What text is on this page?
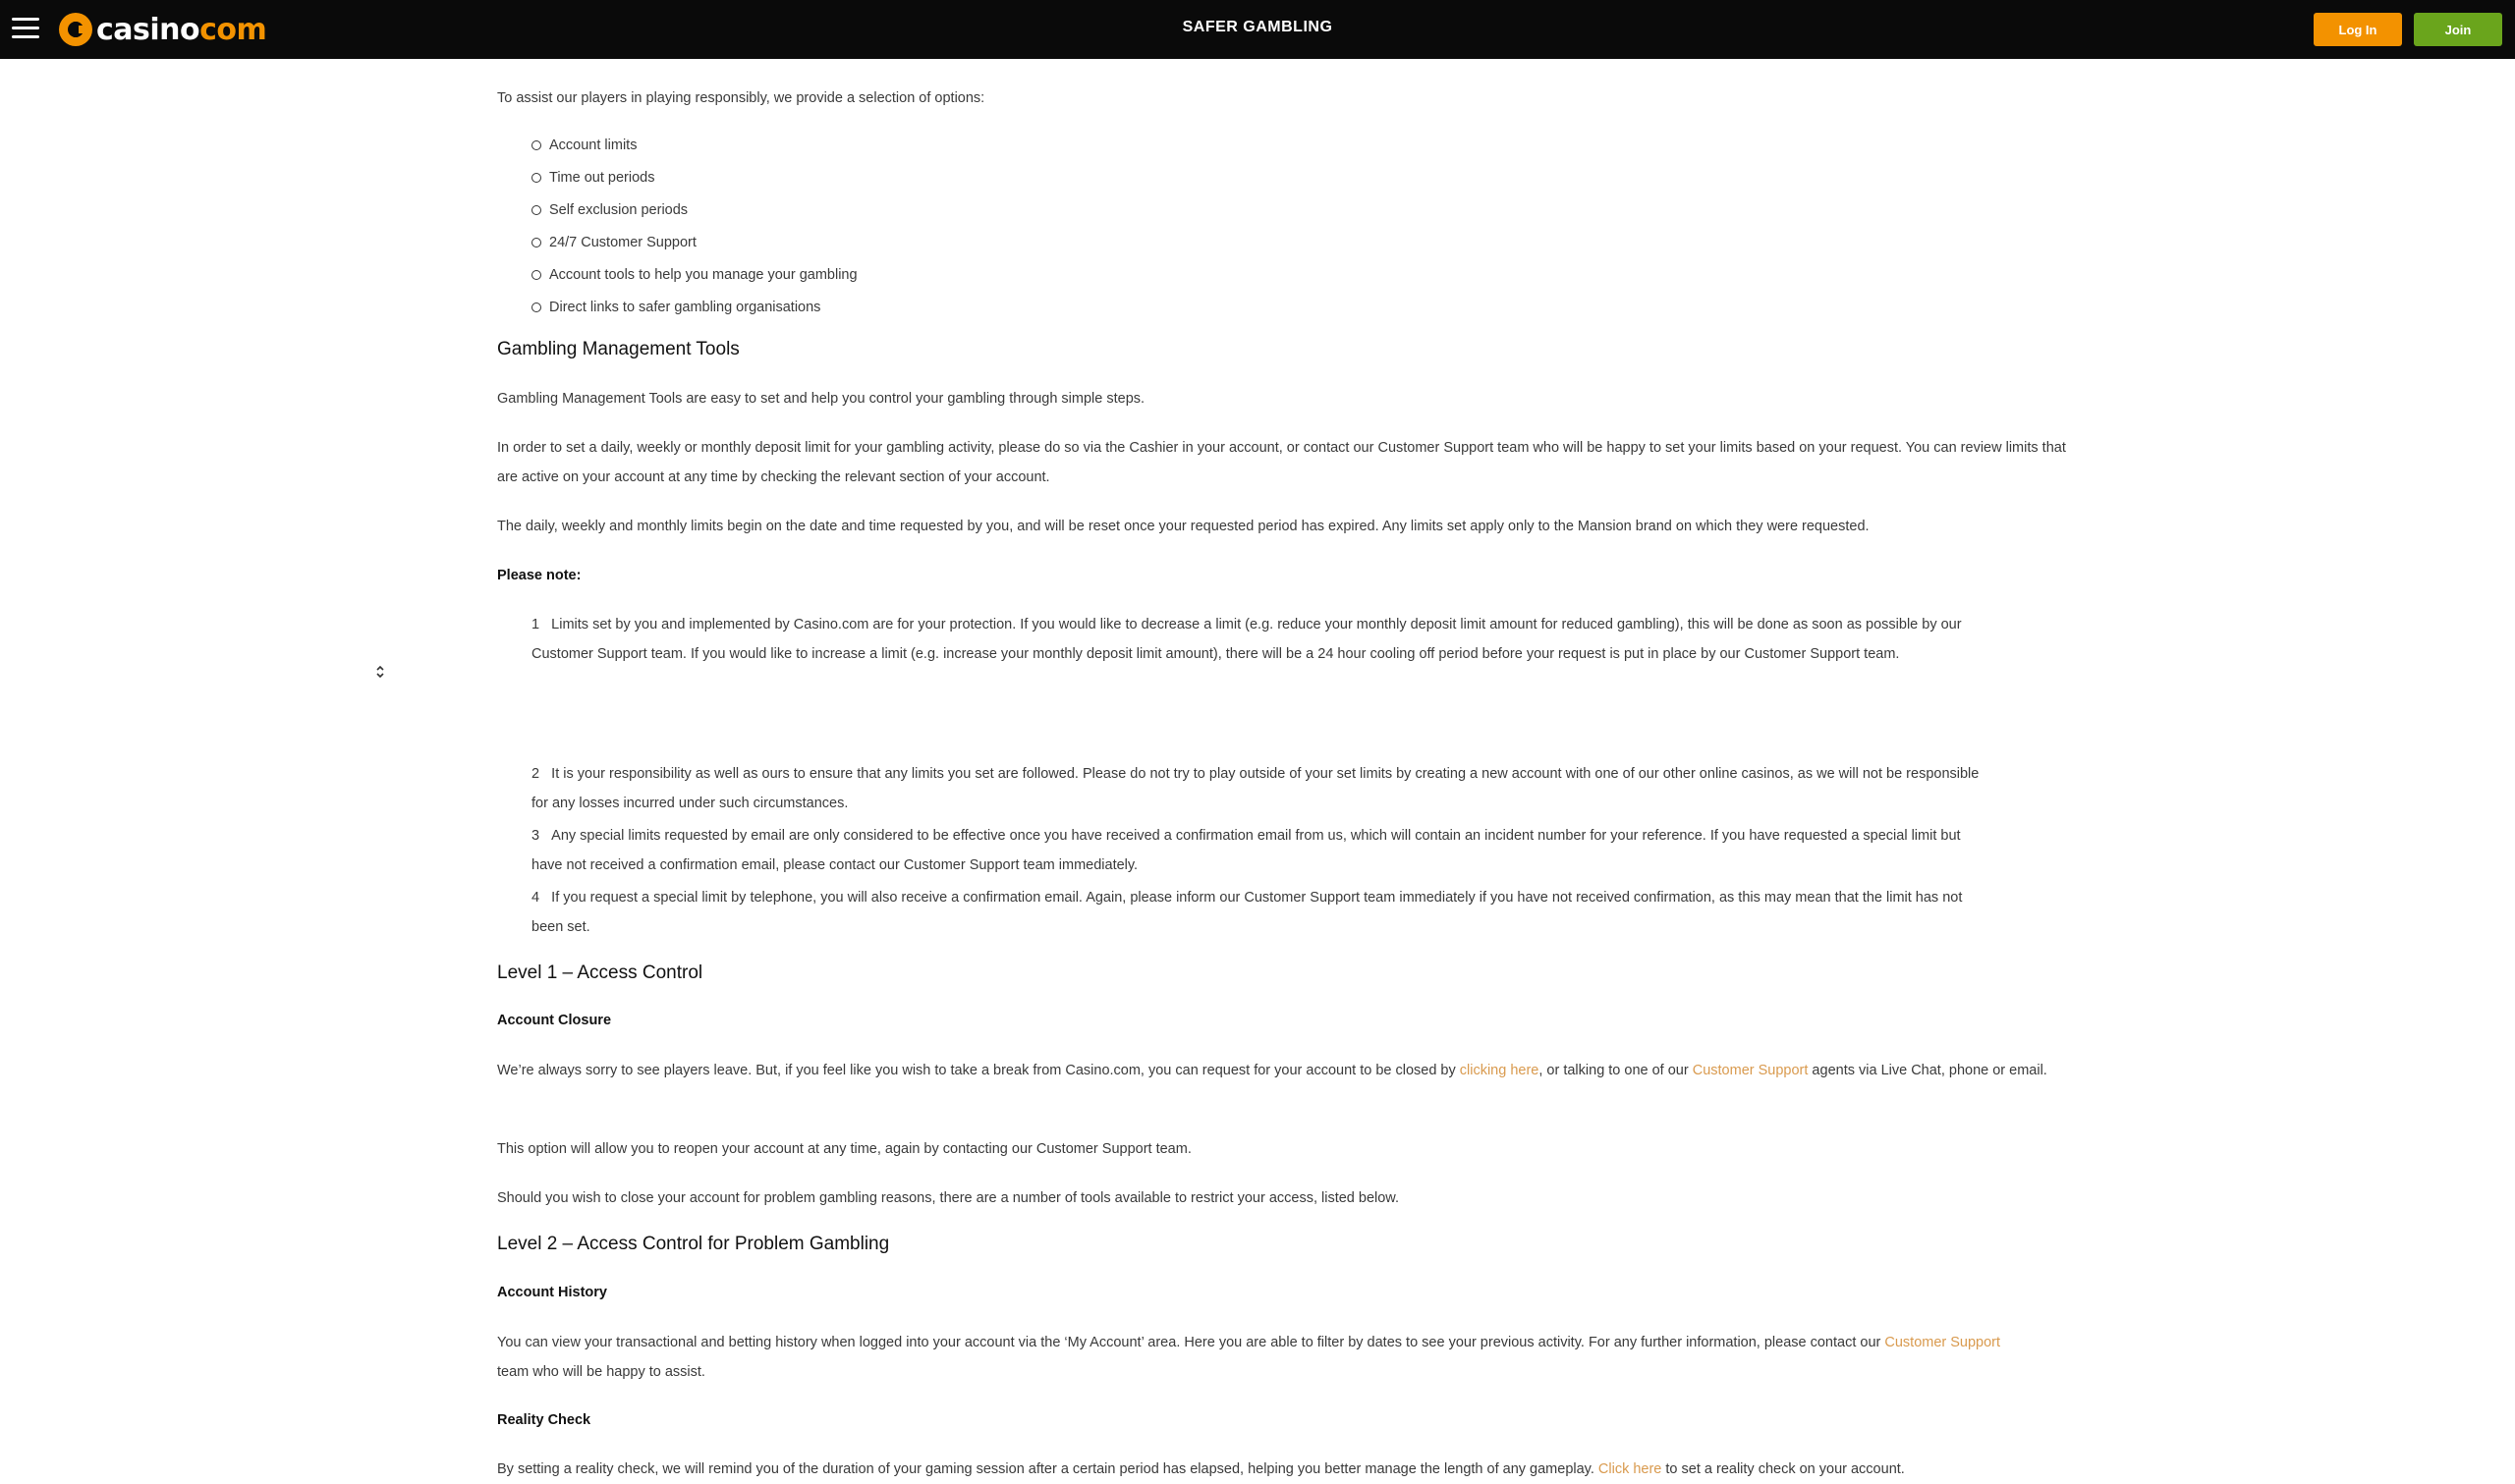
casinocom	SAFER GAMBLING	Log In	Join

To assist our players in playing responsibly, we provide a selection of options:

Account limits
Time out periods
Self exclusion periods
24/7 Customer Support
Account tools to help you manage your gambling
Direct links to safer gambling organisations
Gambling Management Tools

Gambling Management Tools are easy to set and help you control your gambling through simple steps.

In order to set a daily, weekly or monthly deposit limit for your gambling activity, please do so via the Cashier in your account, or contact our Customer Support team who will be happy to set your limits based on your request. You can review limits that are active on your account at any time by checking the relevant section of your account.

The daily, weekly and monthly limits begin on the date and time requested by you, and will be reset once your requested period has expired. Any limits set apply only to the Mansion brand on which they were requested.

Please note:
1 Limits set by you and implemented by Casino.com are for your protection. If you would like to decrease a limit (e.g. reduce your monthly deposit limit amount for reduced gambling), this will be done as soon as possible by our Customer Support team. If you would like to increase a limit (e.g. increase your monthly deposit limit amount), there will be a 24 hour cooling off period before your request is put in place by our Customer Support team.
2 It is your responsibility as well as ours to ensure that any limits you set are followed. Please do not try to play outside of your set limits by creating a new account with one of our other online casinos, as we will not be responsible for any losses incurred under such circumstances.
3 Any special limits requested by email are only considered to be effective once you have received a confirmation email from us, which will contain an incident number for your reference. If you have requested a special limit but have not received a confirmation email, please contact our Customer Support team immediately.
4 If you request a special limit by telephone, you will also receive a confirmation email. Again, please inform our Customer Support team immediately if you have not received confirmation, as this may mean that the limit has not been set.
Level 1 – Access Control
Account Closure

We’re always sorry to see players leave. But, if you feel like you wish to take a break from Casino.com, you can request for your account to be closed by clicking here, or talking to one of our Customer Support agents via Live Chat, phone or email.

This option will allow you to reopen your account at any time, again by contacting our Customer Support team.

Should you wish to close your account for problem gambling reasons, there are a number of tools available to restrict your access, listed below.

Level 2 – Access Control for Problem Gambling
Account History

You can view your transactional and betting history when logged into your account via the ‘My Account’ area. Here you are able to filter by dates to see your previous activity. For any further information, please contact our Customer Support team who will be happy to assist.

Reality Check

By setting a reality check, we will remind you of the duration of your gaming session after a certain period has elapsed, helping you better manage the length of any gameplay. Click here to set a reality check on your account.
